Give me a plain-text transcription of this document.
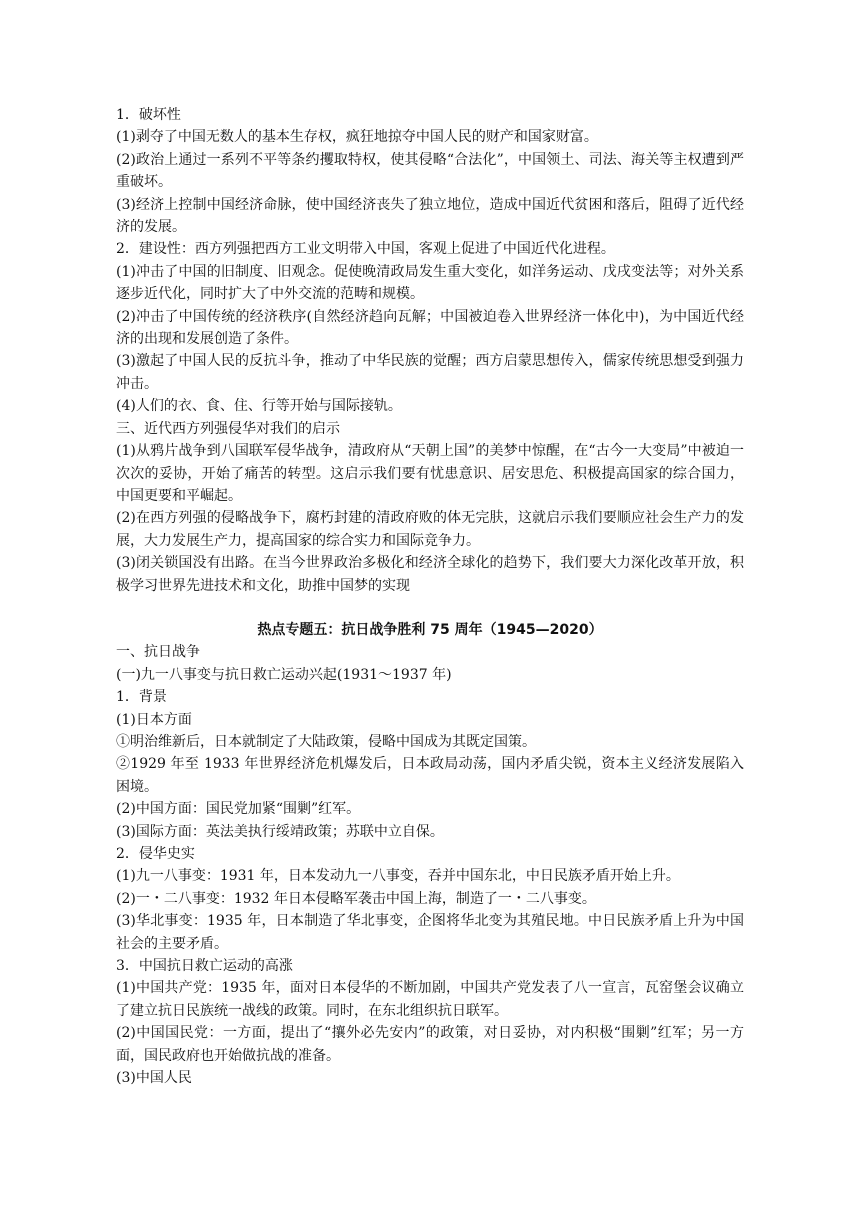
1．破坏性

(1)剥夺了中国无数人的基本生存权，疯狂地掠夺中国人民的财产和国家财富。

(2)政治上通过一系列不平等条约攫取特权，使其侵略“合法化”，中国领土、司法、海关等主权遭到严重破坏。

(3)经济上控制中国经济命脉，使中国经济丧失了独立地位，造成中国近代贫困和落后，阻碍了近代经济的发展。

2．建设性：西方列强把西方工业文明带入中国，客观上促进了中国近代化进程。

(1)冲击了中国的旧制度、旧观念。促使晚清政局发生重大变化，如洋务运动、戊戌变法等；对外关系逐步近代化，同时扩大了中外交流的范畴和规模。

(2)冲击了中国传统的经济秩序(自然经济趋向瓦解；中国被迫卷入世界经济一体化中)，为中国近代经济的出现和发展创造了条件。

(3)激起了中国人民的反抗斗争，推动了中华民族的觉醒；西方启蒙思想传入，儒家传统思想受到强力冲击。

(4)人们的衣、食、住、行等开始与国际接轨。

三、近代西方列强侵华对我们的启示

(1)从鸦片战争到八国联军侵华战争，清政府从“天朝上国”的美梦中惊醒，在“古今一大变局”中被迫一次次的妥协，开始了痛苦的转型。这启示我们要有忧患意识、居安思危、积极提高国家的综合国力，中国更要和平崛起。

(2)在西方列强的侵略战争下，腐朽封建的清政府败的体无完肤，这就启示我们要顺应社会生产力的发展，大力发展生产力，提高国家的综合实力和国际竞争力。

(3)闭关锁国没有出路。在当今世界政治多极化和经济全球化的趋势下，我们要大力深化改革开放，积极学习世界先进技术和文化，助推中国梦的实现

热点专题五：抗日战争胜利 75 周年（1945—2020）

一、抗日战争

(一)九一八事变与抗日救亡运动兴起(1931～1937 年)

1．背景

(1)日本方面

①明治维新后，日本就制定了大陆政策，侵略中国成为其既定国策。

②1929 年至 1933 年世界经济危机爆发后，日本政局动荡，国内矛盾尖锐，资本主义经济发展陷入困境。

(2)中国方面：国民党加紧“围剿”红军。

(3)国际方面：英法美执行绥靖政策；苏联中立自保。

2．侵华史实

(1)九一八事变：1931 年，日本发动九一八事变，吞并中国东北，中日民族矛盾开始上升。

(2)一・二八事变：1932 年日本侵略军袭击中国上海，制造了一・二八事变。

(3)华北事变：1935 年，日本制造了华北事变，企图将华北变为其殖民地。中日民族矛盾上升为中国社会的主要矛盾。

3．中国抗日救亡运动的高涨

(1)中国共产党：1935 年，面对日本侵华的不断加剧，中国共产党发表了八一宣言，瓦窑堡会议确立了建立抗日民族统一战线的政策。同时，在东北组织抗日联军。

(2)中国国民党：一方面，提出了“攘外必先安内”的政策，对日妥协，对内积极“围剿”红军；另一方面，国民政府也开始做抗战的准备。

(3)中国人民
